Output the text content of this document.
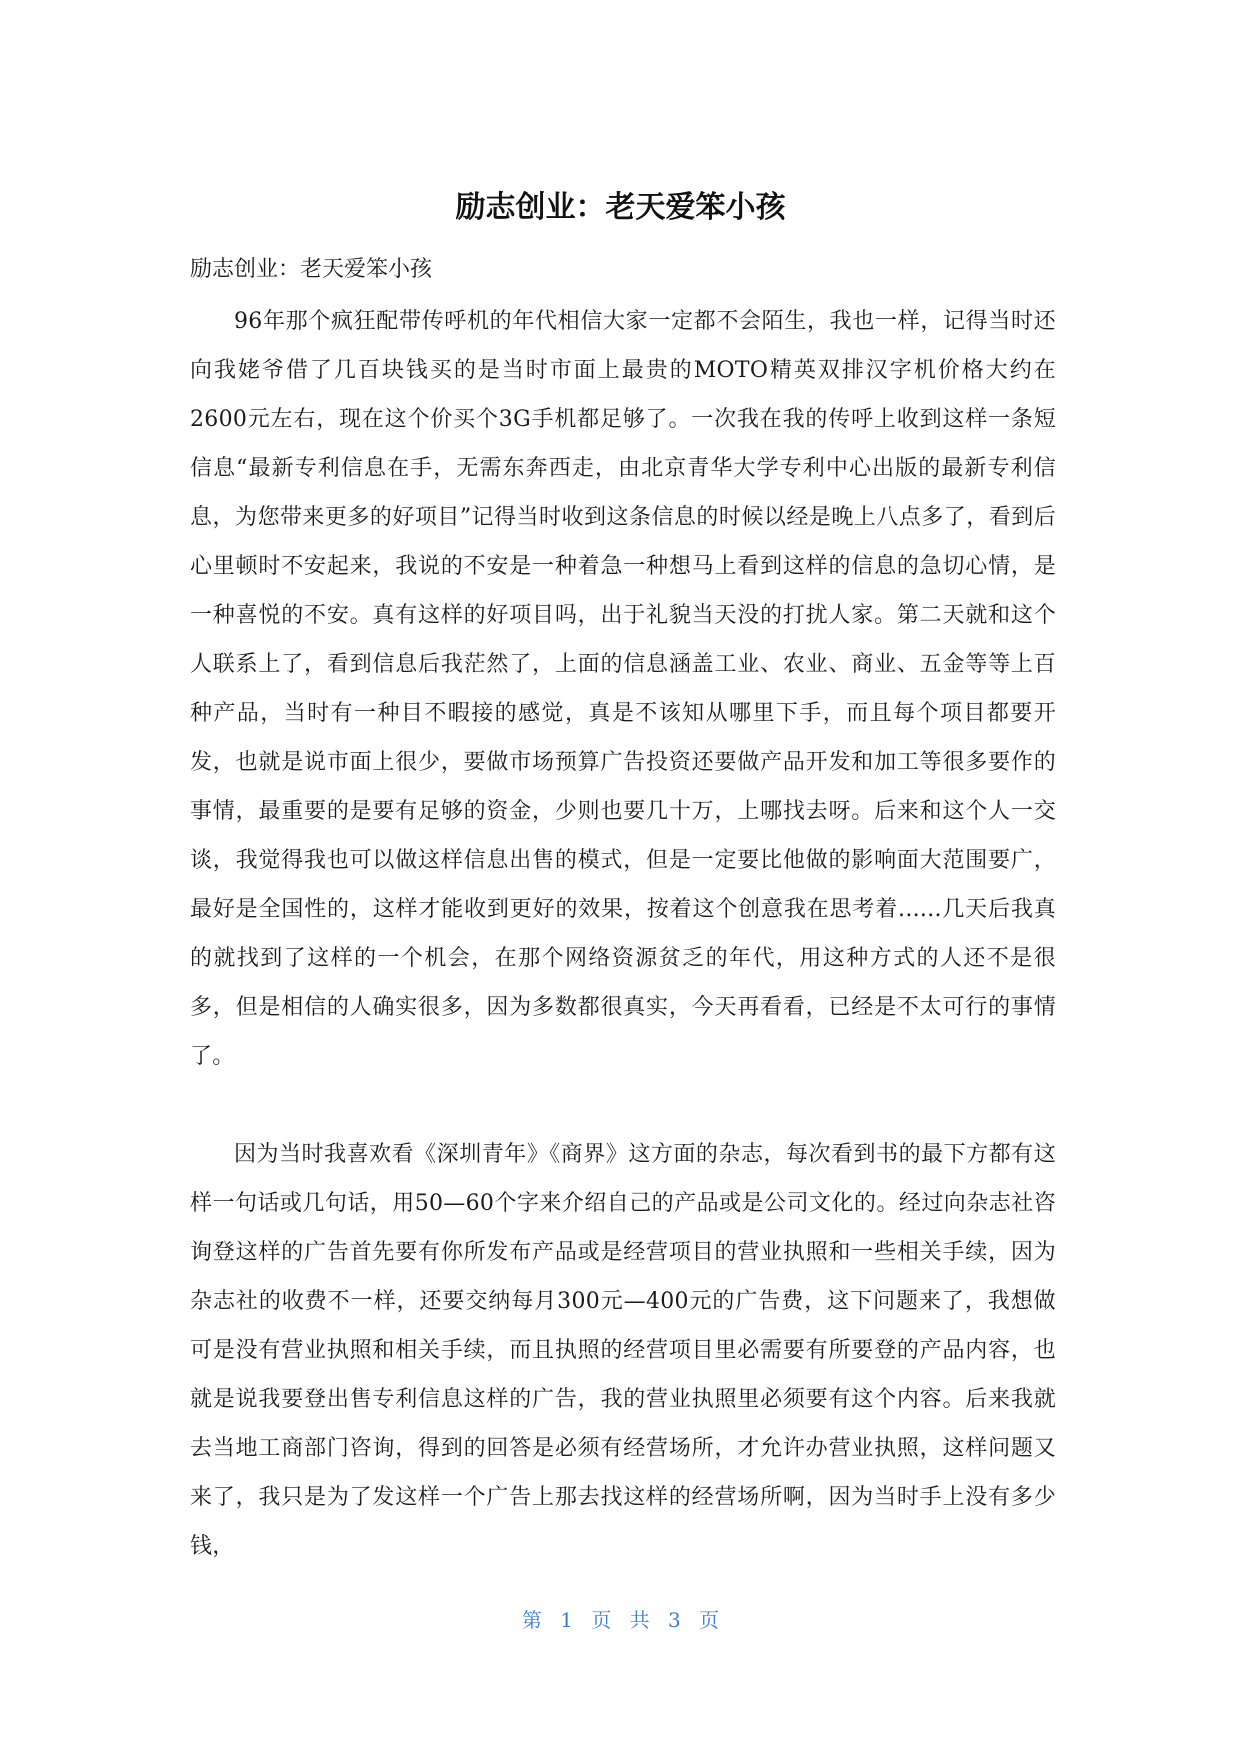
励志创业：老天爱笨小孩

励志创业：老天爱笨小孩

96年那个疯狂配带传呼机的年代相信大家一定都不会陌生，我也一样，记得当时还向我姥爷借了几百块钱买的是当时市面上最贵的MOTO精英双排汉字机价格大约在2600元左右，现在这个价买个3G手机都足够了。一次我在我的传呼上收到这样一条短信息“最新专利信息在手，无需东奔西走，由北京青华大学专利中心出版的最新专利信息，为您带来更多的好项目”记得当时收到这条信息的时候以经是晚上八点多了，看到后心里顿时不安起来，我说的不安是一种着急一种想马上看到这样的信息的急切心情，是一种喜悦的不安。真有这样的好项目吗，出于礼貌当天没的打扰人家。第二天就和这个人联系上了，看到信息后我茫然了，上面的信息涵盖工业、农业、商业、五金等等上百种产品，当时有一种目不暇接的感觉，真是不该知从哪里下手，而且每个项目都要开发，也就是说市面上很少，要做市场预算广告投资还要做产品开发和加工等很多要作的事情，最重要的是要有足够的资金，少则也要几十万，上哪找去呀。后来和这个人一交谈，我觉得我也可以做这样信息出售的模式，但是一定要比他做的影响面大范围要广，最好是全国性的，这样才能收到更好的效果，按着这个创意我在思考着......几天后我真的就找到了这样的一个机会，在那个网络资源贫乏的年代，用这种方式的人还不是很多，但是相信的人确实很多，因为多数都很真实，今天再看看，已经是不太可行的事情了。

因为当时我喜欢看《深圳青年》《商界》这方面的杂志，每次看到书的最下方都有这样一句话或几句话，用50—60个字来介绍自己的产品或是公司文化的。经过向杂志社咨询登这样的广告首先要有你所发布产品或是经营项目的营业执照和一些相关手续，因为杂志社的收费不一样，还要交纳每月300元—400元的广告费，这下问题来了，我想做可是没有营业执照和相关手续，而且执照的经营项目里必需要有所要登的产品内容，也就是说我要登出售专利信息这样的广告，我的营业执照里必须要有这个内容。后来我就去当地工商部门咨询，得到的回答是必须有经营场所，才允许办营业执照，这样问题又来了，我只是为了发这样一个广告上那去找这样的经营场所啊，因为当时手上没有多少钱，

第 1 页 共 3 页
